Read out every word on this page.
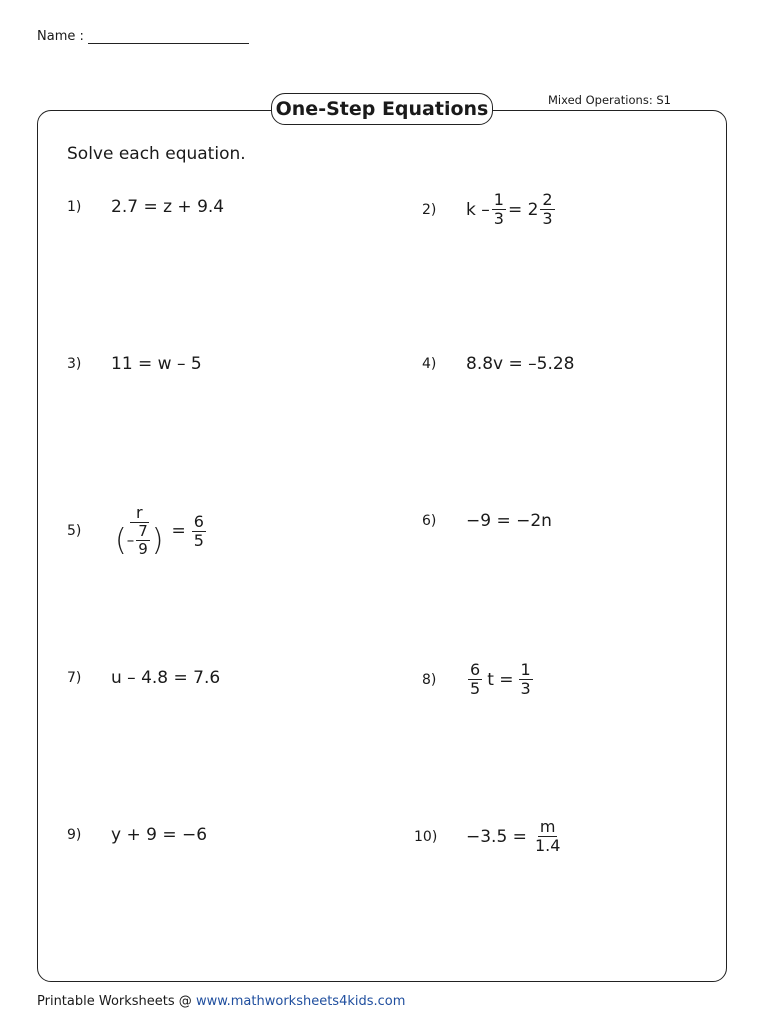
Name :
One-Step Equations	Mixed Operations: S1
Solve each equation.
1)	2.7 = z + 9.4	2)	$k - \frac{1}{3} = 2 \frac{2}{3}$
3)	11 = w – 5	4)	8.8v = –5.28
5)	$\frac{r}{( - \frac{7}{9} )} = \frac{6}{5}$	6)	−9 = −2n
7)	u – 4.8 = 7.6	8)	$\frac{6}{5}$ $t = \frac{1}{3}$
9)	y + 9 = −6	10)	$-3.5 = \frac{m}{1.4}$
Printable Worksheets @ www.mathworksheets4kids.com
